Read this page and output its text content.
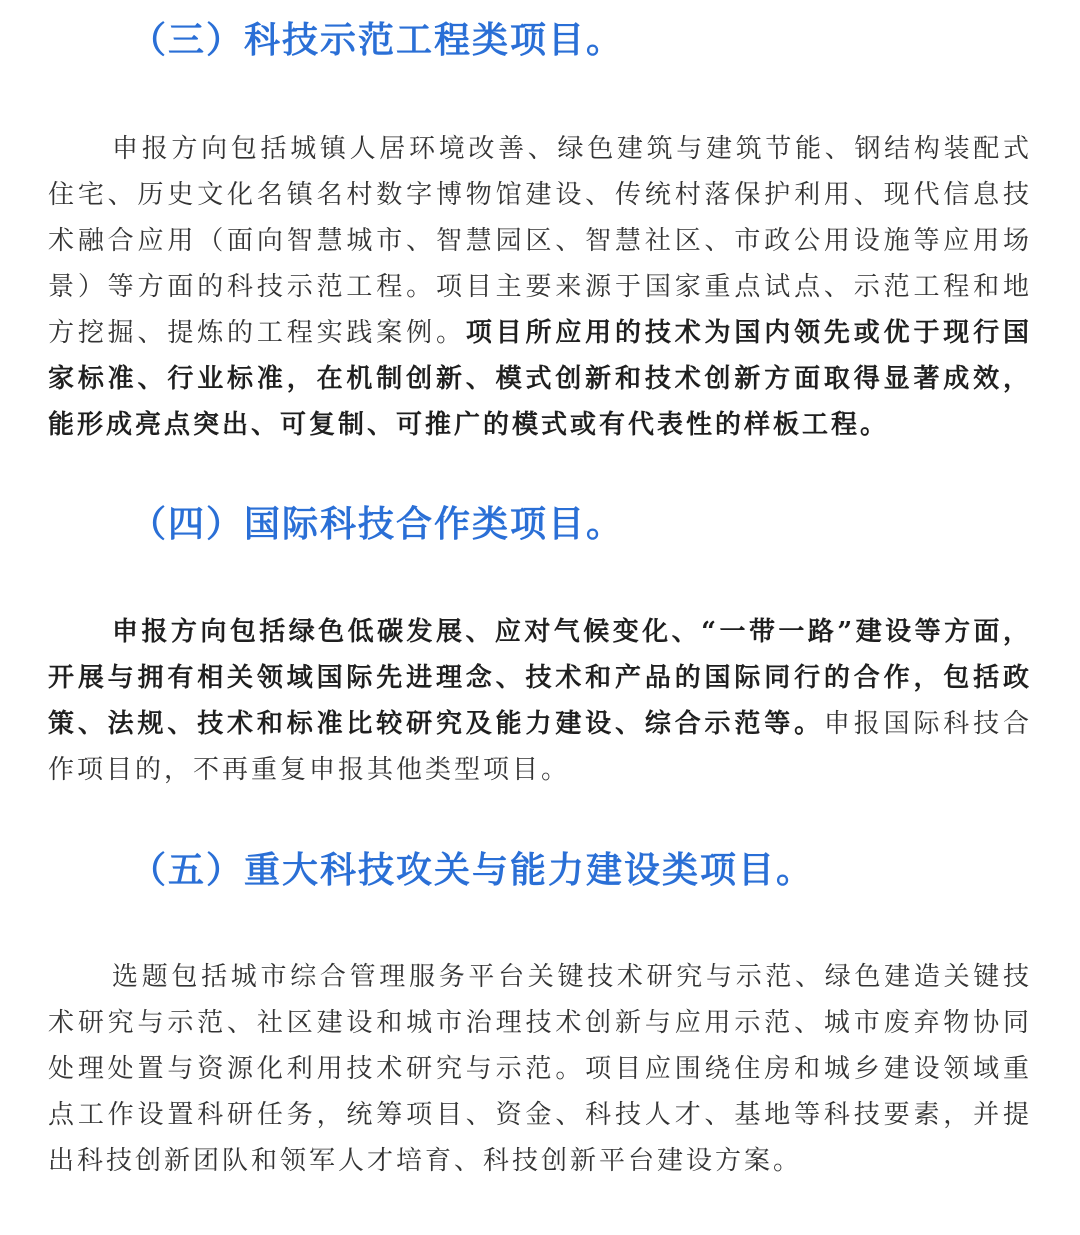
（三）科技示范工程类项目。

申报方向包括城镇人居环境改善、绿色建筑与建筑节能、钢结构装配式住宅、历史文化名镇名村数字博物馆建设、传统村落保护利用、现代信息技术融合应用（面向智慧城市、智慧园区、智慧社区、市政公用设施等应用场景）等方面的科技示范工程。项目主要来源于国家重点试点、示范工程和地方挖掘、提炼的工程实践案例。项目所应用的技术为国内领先或优于现行国家标准、行业标准，在机制创新、模式创新和技术创新方面取得显著成效，能形成亮点突出、可复制、可推广的模式或有代表性的样板工程。

（四）国际科技合作类项目。

申报方向包括绿色低碳发展、应对气候变化、“一带一路”建设等方面，开展与拥有相关领域国际先进理念、技术和产品的国际同行的合作，包括政策、法规、技术和标准比较研究及能力建设、综合示范等。申报国际科技合作项目的，不再重复申报其他类型项目。

（五）重大科技攻关与能力建设类项目。

选题包括城市综合管理服务平台关键技术研究与示范、绿色建造关键技术研究与示范、社区建设和城市治理技术创新与应用示范、城市废弃物协同处理处置与资源化利用技术研究与示范。项目应围绕住房和城乡建设领域重点工作设置科研任务，统筹项目、资金、科技人才、基地等科技要素，并提出科技创新团队和领军人才培育、科技创新平台建设方案。
